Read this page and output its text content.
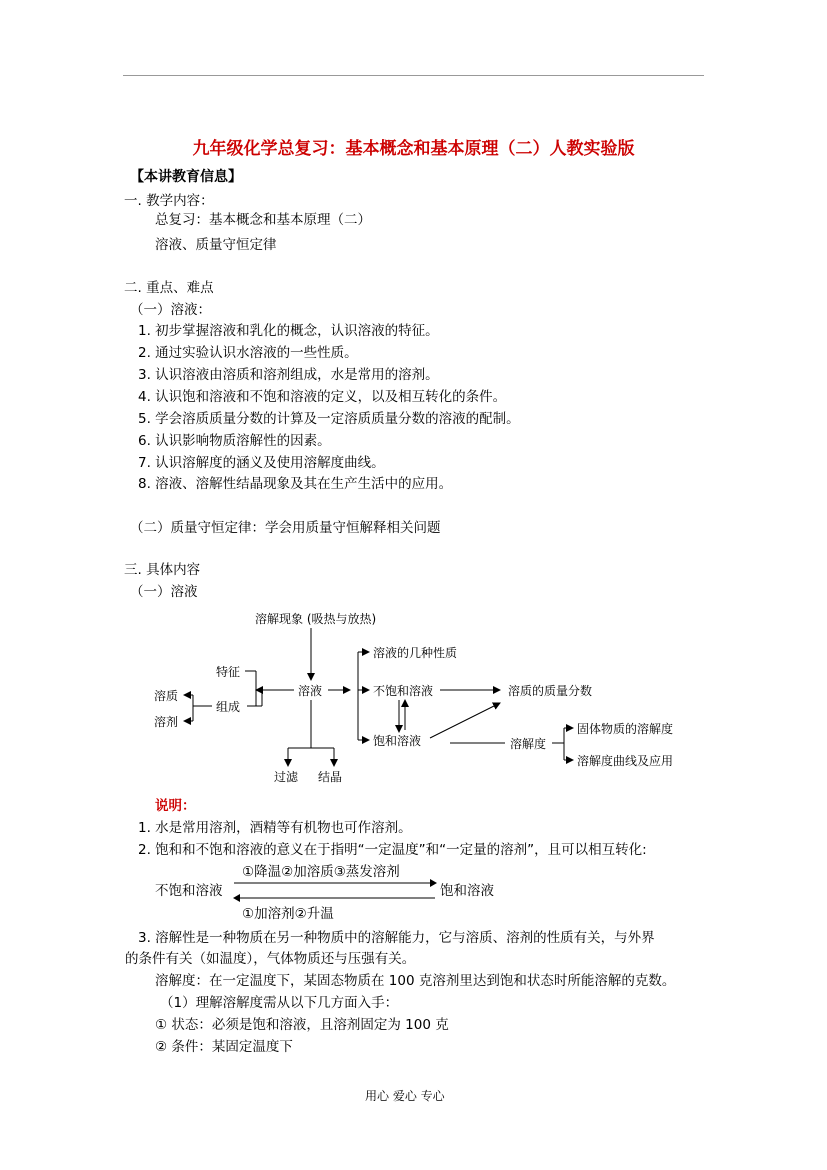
九年级化学总复习：基本概念和基本原理（二）人教实验版
【本讲教育信息】
一. 教学内容：
总复习：基本概念和基本原理（二）
溶液、质量守恒定律
二. 重点、难点
（一）溶液：
1. 初步掌握溶液和乳化的概念，认识溶液的特征。
2. 通过实验认识水溶液的一些性质。
3. 认识溶液由溶质和溶剂组成，水是常用的溶剂。
4. 认识饱和溶液和不饱和溶液的定义，以及相互转化的条件。
5. 学会溶质质量分数的计算及一定溶质质量分数的溶液的配制。
6. 认识影响物质溶解性的因素。
7. 认识溶解度的涵义及使用溶解度曲线。
8. 溶液、溶解性结晶现象及其在生产生活中的应用。
（二）质量守恒定律：学会用质量守恒解释相关问题
三. 具体内容
（一）溶液
溶解现象 (吸热与放热)
特征
溶质
组成
溶剂
溶液
溶液的几种性质
不饱和溶液
饱和溶液
溶质的质量分数
溶解度
固体物质的溶解度
溶解度曲线及应用
过滤 结晶
说明：
1. 水是常用溶剂，酒精等有机物也可作溶剂。
2. 饱和和不饱和溶液的意义在于指明“一定温度”和“一定量的溶剂”，且可以相互转化:
①降温②加溶质③蒸发溶剂
不饱和溶液	饱和溶液
①加溶剂②升温
3. 溶解性是一种物质在另一种物质中的溶解能力，它与溶质、溶剂的性质有关，与外界
的条件有关（如温度），气体物质还与压强有关。
溶解度：在一定温度下，某固态物质在 100 克溶剂里达到饱和状态时所能溶解的克数。
（1）理解溶解度需从以下几方面入手：
① 状态：必须是饱和溶液，且溶剂固定为 100 克
② 条件：某固定温度下
用心 爱心 专心
